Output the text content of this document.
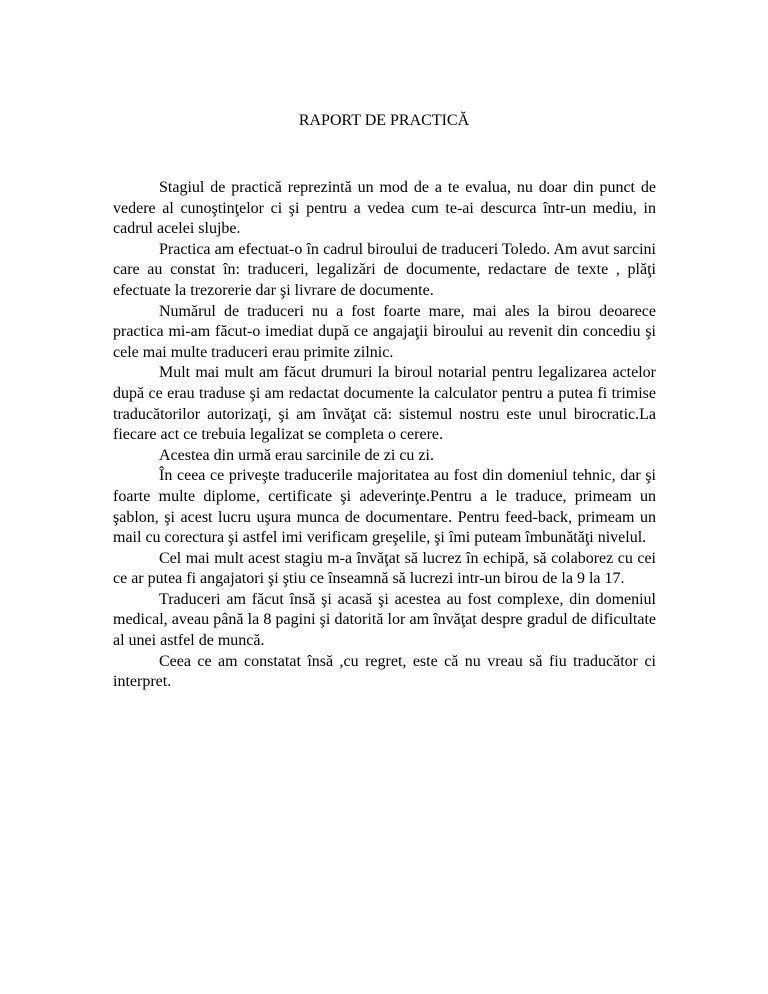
RAPORT DE PRACTICĂ

Stagiul de practică reprezintă un mod de a te evalua, nu doar din punct de vedere al cunoştinţelor ci şi pentru a vedea cum te-ai descurca într-un mediu, in cadrul acelei slujbe.

Practica am efectuat-o în cadrul biroului de traduceri Toledo. Am avut sarcini care au constat în: traduceri, legalizări de documente, redactare de texte , plăţi efectuate la trezorerie dar şi livrare de documente.

Numărul de traduceri nu a fost foarte mare, mai ales la birou deoarece practica mi-am făcut-o imediat după ce angajaţii biroului au revenit din concediu şi cele mai multe traduceri erau primite zilnic.

Mult mai mult am făcut drumuri la biroul notarial pentru legalizarea actelor după ce erau traduse şi am redactat documente la calculator pentru a putea fi trimise traducătorilor autorizaţi, şi am învăţat că: sistemul nostru este unul birocratic.La fiecare act ce trebuia legalizat se completa o cerere.

Acestea din urmă erau sarcinile de zi cu zi.

În ceea ce priveşte traducerile majoritatea au fost din domeniul tehnic, dar şi foarte multe diplome, certificate şi adeverinţe.Pentru a le traduce, primeam un şablon, şi acest lucru uşura munca de documentare. Pentru feed-back, primeam un mail cu corectura şi astfel imi verificam greşelile, şi îmi puteam îmbunătăţi nivelul.

Cel mai mult acest stagiu m-a învăţat să lucrez în echipă, să colaborez cu cei ce ar putea fi angajatori şi ştiu ce înseamnă să lucrezi intr-un birou de la 9 la 17.

Traduceri am făcut însă şi acasă şi acestea au fost complexe, din domeniul medical, aveau până la 8 pagini şi datorită lor am învăţat despre gradul de dificultate al unei astfel de muncă.

Ceea ce am constatat însă ,cu regret, este că nu vreau să fiu traducător ci interpret.
